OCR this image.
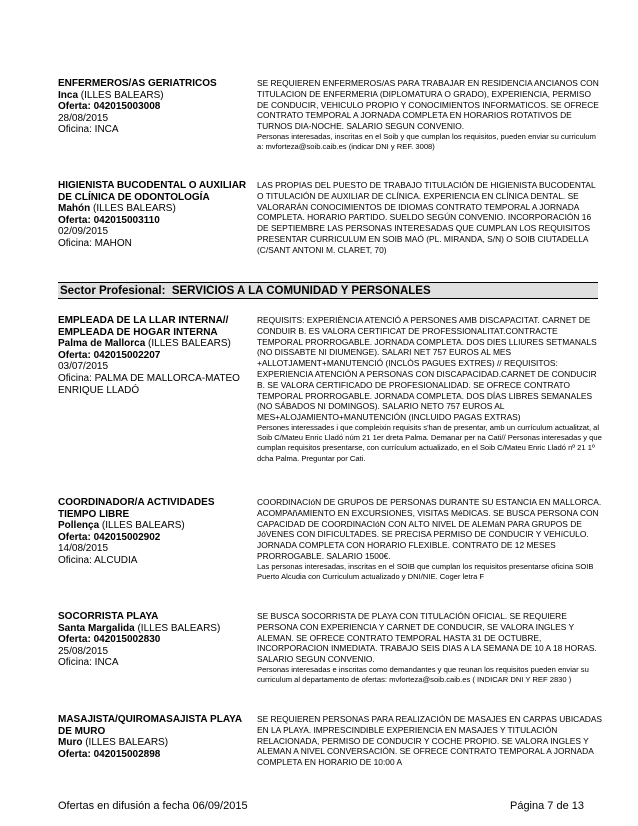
ENFERMEROS/AS GERIATRICOS
Inca (ILLES BALEARS)
Oferta: 042015003008
28/08/2015
Oficina: INCA

SE REQUIEREN ENFERMEROS/AS PARA TRABAJAR EN RESIDENCIA ANCIANOS CON TITULACION DE ENFERMERIA (DIPLOMATURA O GRADO), EXPERIENCIA, PERMISO DE CONDUCIR, VEHICULO PROPIO Y CONOCIMIENTOS INFORMATICOS. SE OFRECE CONTRATO TEMPORAL A JORNADA COMPLETA EN HORARIOS ROTATIVOS DE TURNOS DIA-NOCHE. SALARIO SEGUN CONVENIO.

Personas interesadas, inscritas en el Soib y que cumplan los requisitos, pueden enviar su curriculum a: mvforteza@soib.caib.es (indicar DNI y REF. 3008)

HIGIENISTA BUCODENTAL O AUXILIAR DE CLÍNICA DE ODONTOLOGÍA
Mahón (ILLES BALEARS)
Oferta: 042015003110
02/09/2015
Oficina: MAHON

LAS PROPIAS DEL PUESTO DE TRABAJO TITULACIÓN DE HIGIENISTA BUCODENTAL O TITULACIÓN DE AUXILIAR DE CLÍNICA. EXPERIENCIA EN CLÍNICA DENTAL. SE VALORARÁN CONOCIMIENTOS DE IDIOMAS CONTRATO TEMPORAL A JORNADA COMPLETA. HORARIO PARTIDO. SUELDO SEGÚN CONVENIO. INCORPORACIÓN 16 DE SEPTIEMBRE LAS PERSONAS INTERESADAS QUE CUMPLAN LOS REQUISITOS PRESENTAR CURRICULUM EN SOIB MAÓ (PL. MIRANDA, S/N) O SOIB CIUTADELLA (C/SANT ANTONI M. CLARET, 70)

Sector Profesional:  SERVICIOS A LA COMUNIDAD Y PERSONALES
EMPLEADA DE LA LLAR INTERNA// EMPLEADA DE HOGAR INTERNA
Palma de Mallorca (ILLES BALEARS)
Oferta: 042015002207
03/07/2015
Oficina: PALMA DE MALLORCA-MATEO ENRIQUE LLADÓ

REQUISITS: EXPERIÈNCIA ATENCIÓ A PERSONES AMB DISCAPACITAT. CARNET DE CONDUIR B. ES VALORA CERTIFICAT DE PROFESSIONALITAT.CONTRACTE TEMPORAL PRORROGABLE. JORNADA COMPLETA. DOS DIES LLIURES SETMANALS (NO DISSABTE NI DIUMENGE). SALARI NET 757 EUROS AL MES +ALLOTJAMENT+MANUTENCIÓ (INCLÒS PAGUES EXTRES) // REQUISITOS: EXPERIENCIA ATENCIÓN A PERSONAS CON DISCAPACIDAD.CARNET DE CONDUCIR B. SE VALORA CERTIFICADO DE PROFESIONALIDAD. SE OFRECE CONTRATO TEMPORAL PRORROGABLE. JORNADA COMPLETA. DOS DÍAS LIBRES SEMANALES (NO SÁBADOS NI DOMINGOS). SALARIO NETO 757 EUROS AL MES+ALOJAMIENTO+MANUTENCIÓN (INCLUIDO PAGAS EXTRAS)

Persones interessades i que compleixin requisits s'han de presentar, amb un currículum actualitzat, al Soib C/Mateu Enric Lladó núm 21 1er dreta Palma. Demanar per na Cati// Personas interesadas y que cumplan requisitos presentarse, con currículum actualizado, en el Soib C/Mateu Enric Lladó nº 21 1º dcha Palma. Preguntar por Cati.

COORDINADOR/A ACTIVIDADES TIEMPO LIBRE
Pollença (ILLES BALEARS)
Oferta: 042015002902
14/08/2015
Oficina: ALCUDIA

COORDINACIóN DE GRUPOS DE PERSONAS DURANTE SU ESTANCIA EN MALLORCA. ACOMPAñAMIENTO EN EXCURSIONES, VISITAS MéDICAS. SE BUSCA PERSONA CON CAPACIDAD DE COORDINACIóN CON ALTO NIVEL DE ALEMáN PARA GRUPOS DE JóVENES CON DIFICULTADES. SE PRECISA PERMISO DE CONDUCIR Y VEHíCULO. JORNADA COMPLETA CON HORARIO FLEXIBLE. CONTRATO DE 12 MESES PRORROGABLE. SALARIO 1500€.

Las personas interesadas, inscritas en el SOIB que cumplan los requisitos presentarse oficina SOIB Puerto Alcudia con Curriculum actualizado y DNI/NIE. Coger letra F

SOCORRISTA PLAYA
Santa Margalida (ILLES BALEARS)
Oferta: 042015002830
25/08/2015
Oficina: INCA

SE BUSCA SOCORRISTA DE PLAYA CON TITULACIÓN OFICIAL. SE REQUIERE PERSONA CON EXPERIENCIA Y CARNET DE CONDUCIR, SE VALORA INGLES Y ALEMAN. SE OFRECE CONTRATO TEMPORAL HASTA 31 DE OCTUBRE, INCORPORACION INMEDIATA. TRABAJO SEIS DIAS A LA SEMANA DE 10 A 18 HORAS. SALARIO SEGUN CONVENIO.

Personas interesadas e inscritas como demandantes y que reunan los requisitos pueden enviar su curriculum al departamento de ofertas: mvforteza@soib.caib.es ( INDICAR DNI Y REF 2830 )

MASAJISTA/QUIROMASAJISTA PLAYA DE MURO
Muro (ILLES BALEARS)
Oferta: 042015002898

SE REQUIEREN PERSONAS PARA REALIZACIÓN DE MASAJES EN CARPAS UBICADAS EN LA PLAYA. IMPRESCINDIBLE EXPERIENCIA EN MASAJES Y TITULACIÓN RELACIONADA, PERMISO DE CONDUCIR Y COCHE PROPIO. SE VALORA INGLES Y ALEMAN A NIVEL CONVERSACIÓN. SE OFRECE CONTRATO TEMPORAL A JORNADA COMPLETA EN HORARIO DE 10:00 A

Ofertas en difusión a fecha 06/09/2015	Página 7 de 13
